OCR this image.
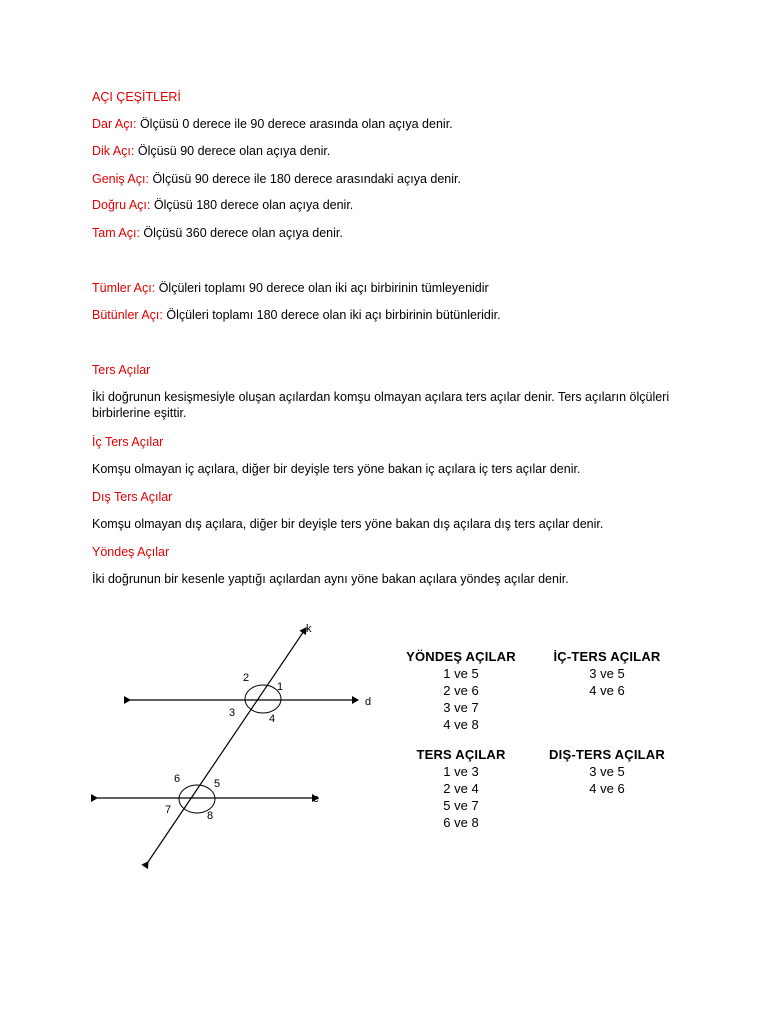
AÇI ÇEŞİTLERİ

Dar Açı: Ölçüsü 0 derece ile 90 derece arasında olan açıya denir.

Dik Açı: Ölçüsü 90 derece olan açıya denir.

Geniş Açı: Ölçüsü 90 derece ile 180 derece arasındaki açıya denir.

Doğru Açı: Ölçüsü 180 derece olan açıya denir.

Tam Açı: Ölçüsü 360 derece olan açıya denir.

Tümler Açı: Ölçüleri toplamı 90 derece olan iki açı birbirinin tümleyenidir

Bütünler Açı: Ölçüleri toplamı 180 derece olan iki açı birbirinin bütünleridir.

Ters Açılar

İki doğrunun kesişmesiyle oluşan açılardan komşu olmayan açılara ters açılar denir. Ters açıların ölçüleri birbirlerine eşittir.

İç Ters Açılar

Komşu olmayan iç açılara, diğer bir deyişle ters yöne bakan iç açılara iç ters açılar denir.

Dış Ters Açılar

Komşu olmayan dış açılara, diğer bir deyişle ters yöne bakan dış açılara dış ters açılar denir.

Yöndeş Açılar

İki doğrunun bir kesenle yaptığı açılardan aynı yöne bakan açılara yöndeş açılar denir.

k
d
e
1
2
3	4
5
6
7	8
YÖNDEŞ AÇILAR
1 ve 5
2 ve 6
3 ve 7
4 ve 8
İÇ-TERS AÇILAR
3 ve 5
4 ve 6
TERS AÇILAR
1 ve 3
2 ve 4
5 ve 7
6 ve 8
DIŞ-TERS AÇILAR
3 ve 5
4 ve 6
